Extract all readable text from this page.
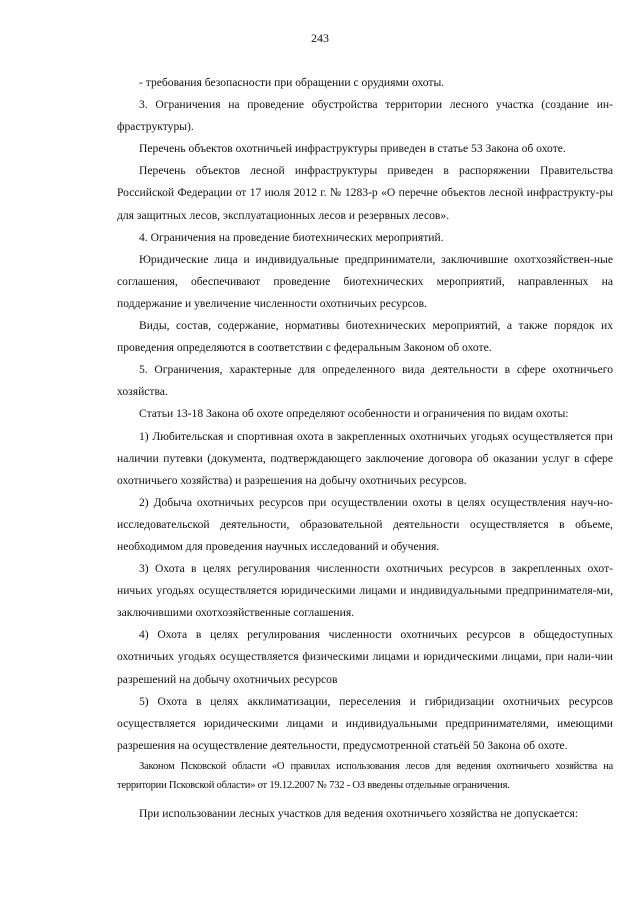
243

- требования безопасности при обращении с орудиями охоты.

3. Ограничения на проведение обустройства территории лесного участка (создание ин-фраструктуры).

Перечень объектов охотничьей инфраструктуры приведен в статье 53 Закона об охоте.

Перечень объектов лесной инфраструктуры приведен в распоряжении Правительства Российской Федерации от 17 июля 2012 г. № 1283-р «О перечне объектов лесной инфраструкту-ры для защитных лесов, эксплуатационных лесов и резервных лесов».

4. Ограничения на проведение биотехнических мероприятий.

Юридические лица и индивидуальные предприниматели, заключившие охотхозяйствен-ные соглашения, обеспечивают проведение биотехнических мероприятий, направленных на поддержание и увеличение численности охотничьих ресурсов.

Виды, состав, содержание, нормативы биотехнических мероприятий, а также порядок их проведения определяются в соответствии с федеральным Законом об охоте.

5. Ограничения, характерные для определенного вида деятельности в сфере охотничьего хозяйства.

Статьи 13-18 Закона об охоте определяют особенности и ограничения по видам охоты:

1) Любительская и спортивная охота в закрепленных охотничьих угодьях осуществляется при наличии путевки (документа, подтверждающего заключение договора об оказании услуг в сфере охотничьего хозяйства) и разрешения на добычу охотничьих ресурсов.

2) Добыча охотничьих ресурсов при осуществлении охоты в целях осуществления науч-но-исследовательской деятельности, образовательной деятельности осуществляется в объеме, необходимом для проведения научных исследований и обучения.

3) Охота в целях регулирования численности охотничьих ресурсов в закрепленных охот-ничьих угодьях осуществляется юридическими лицами и индивидуальными предпринимателя-ми, заключившими охотхозяйственные соглашения.

4) Охота в целях регулирования численности охотничьих ресурсов в общедоступных охотничьих угодьях осуществляется физическими лицами и юридическими лицами, при нали-чии разрешений на добычу охотничьих ресурсов

5) Охота в целях акклиматизации, переселения и гибридизации охотничьих ресурсов осуществляется юридическими лицами и индивидуальными предпринимателями, имеющими разрешения на осуществление деятельности, предусмотренной статьёй 50 Закона об охоте.

Законом Псковской области «О правилах использования лесов для ведения охотничьего хозяйства на территории Псковской области» от 19.12.2007 № 732 - ОЗ введены отдельные ограничения.

При использовании лесных участков для ведения охотничьего хозяйства не допускается:
